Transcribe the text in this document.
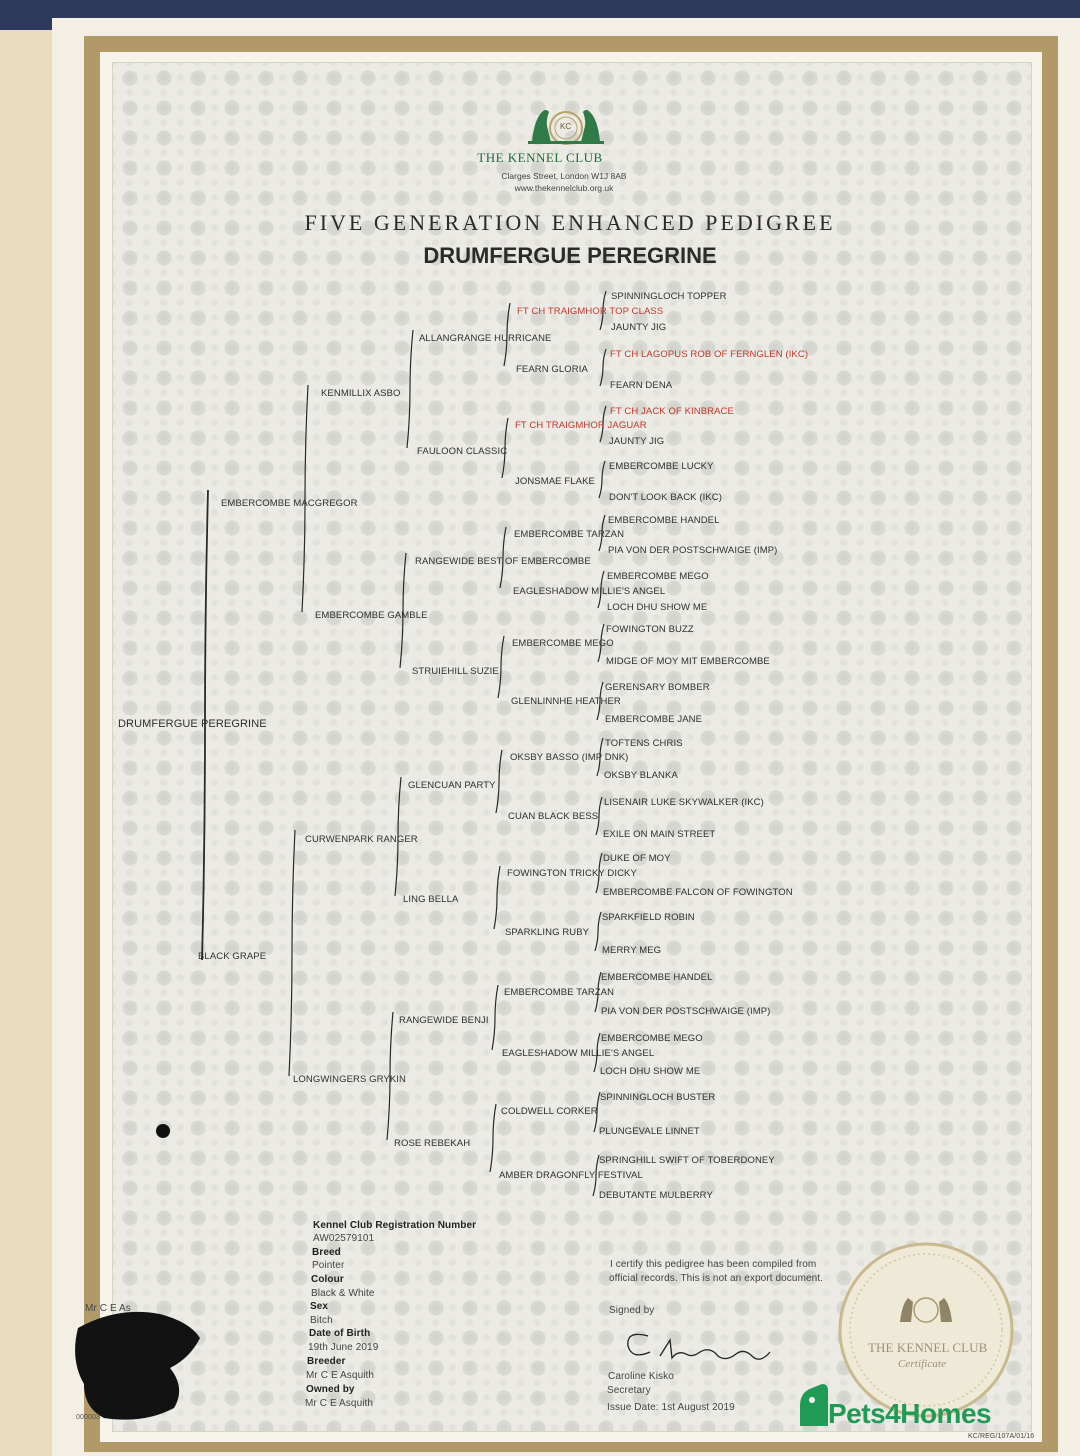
KC
THE KENNEL CLUB
Clarges Street, London W1J 8AB
www.thekennelclub.org.uk
FIVE GENERATION ENHANCED PEDIGREE
DRUMFERGUE PEREGRINE
DRUMFERGUE PEREGRINE
EMBERCOMBE MACGREGOR
BLACK GRAPE
KENMILLIX ASBO
EMBERCOMBE GAMBLE
CURWENPARK RANGER
LONGWINGERS GRYKIN
ALLANGRANGE HURRICANE
FAULOON CLASSIC
RANGEWIDE BEST OF EMBERCOMBE
STRUIEHILL SUZIE
GLENCUAN PARTY
LING BELLA
RANGEWIDE BENJI
ROSE REBEKAH
FT CH TRAIGMHOR TOP CLASS
FEARN GLORIA
FT CH TRAIGMHOR JAGUAR
JONSMAE FLAKE
EMBERCOMBE TARZAN
EAGLESHADOW MILLIE'S ANGEL
EMBERCOMBE MEGO
GLENLINNHE HEATHER
OKSBY BASSO (IMP DNK)
CUAN BLACK BESS
FOWINGTON TRICKY DICKY
SPARKLING RUBY
EMBERCOMBE TARZAN
EAGLESHADOW MILLIE'S ANGEL
COLDWELL CORKER
AMBER DRAGONFLY FESTIVAL
SPINNINGLOCH TOPPER
JAUNTY JIG
FT CH LAGOPUS ROB OF FERNGLEN (IKC)
FEARN DENA
FT CH JACK OF KINBRACE
JAUNTY JIG
EMBERCOMBE LUCKY
DON'T LOOK BACK (IKC)
EMBERCOMBE HANDEL
PIA VON DER POSTSCHWAIGE (IMP)
EMBERCOMBE MEGO
LOCH DHU SHOW ME
FOWINGTON BUZZ
MIDGE OF MOY MIT EMBERCOMBE
GERENSARY BOMBER
EMBERCOMBE JANE
TOFTENS CHRIS
OKSBY BLANKA
LISENAIR LUKE SKYWALKER (IKC)
EXILE ON MAIN STREET
DUKE OF MOY
EMBERCOMBE FALCON OF FOWINGTON
SPARKFIELD ROBIN
MERRY MEG
EMBERCOMBE HANDEL
PIA VON DER POSTSCHWAIGE (IMP)
EMBERCOMBE MEGO
LOCH DHU SHOW ME
SPINNINGLOCH BUSTER
PLUNGEVALE LINNET
SPRINGHILL SWIFT OF TOBERDONEY
DEBUTANTE MULBERRY
Kennel Club Registration Number
AW02579101
Breed
Pointer
Colour
Black & White
Sex
Bitch
Date of Birth
19th June 2019
Breeder
Mr C E Asquith
Owned by
Mr C E Asquith
I certify this pedigree has been compiled from
official records. This is not an export document.
Signed by
Caroline Kisko
Secretary
Issue Date: 1st August 2019
THE KENNEL CLUB
Certificate
Mr C E As
000003
KC/REG/107A/01/16
Pets4Homes
